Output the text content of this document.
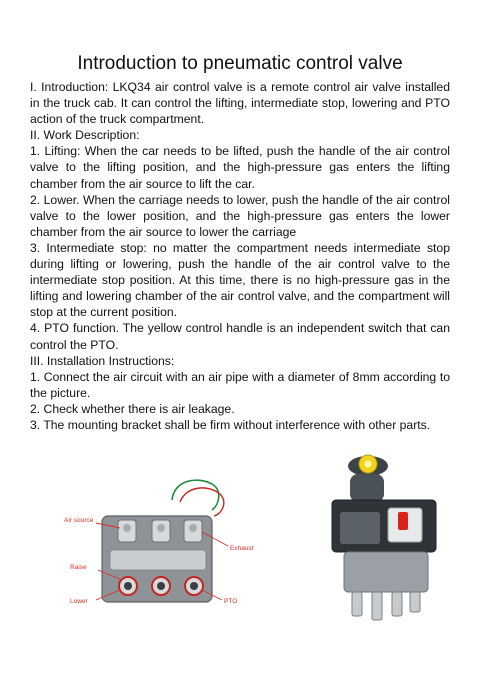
Introduction to pneumatic control valve

I. Introduction: LKQ34 air control valve is a remote control air valve installed in the truck cab. It can control the lifting, intermediate stop, lowering and PTO action of the truck compartment.

II. Work Description:

1. Lifting: When the car needs to be lifted, push the handle of the air control valve to the lifting position, and the high-pressure gas enters the lifting chamber from the air source to lift the car.

2. Lower. When the carriage needs to lower, push the handle of the air control valve to the lower position, and the high-pressure gas enters the lower chamber from the air source to lower the carriage

3. Intermediate stop: no matter the compartment needs intermediate stop during lifting or lowering, push the handle of the air control valve to the intermediate stop position. At this time, there is no high-pressure gas in the lifting and lowering chamber of the air control valve, and the compartment will stop at the current position.

4. PTO function. The yellow control handle is an independent switch that can control the PTO.

III. Installation Instructions:

1. Connect the air circuit with an air pipe with a diameter of 8mm according to the picture.

2. Check whether there is air leakage.

3. The mounting bracket shall be firm without interference with other parts.

Air source
Exhaust
Raise
Lower	PTO
